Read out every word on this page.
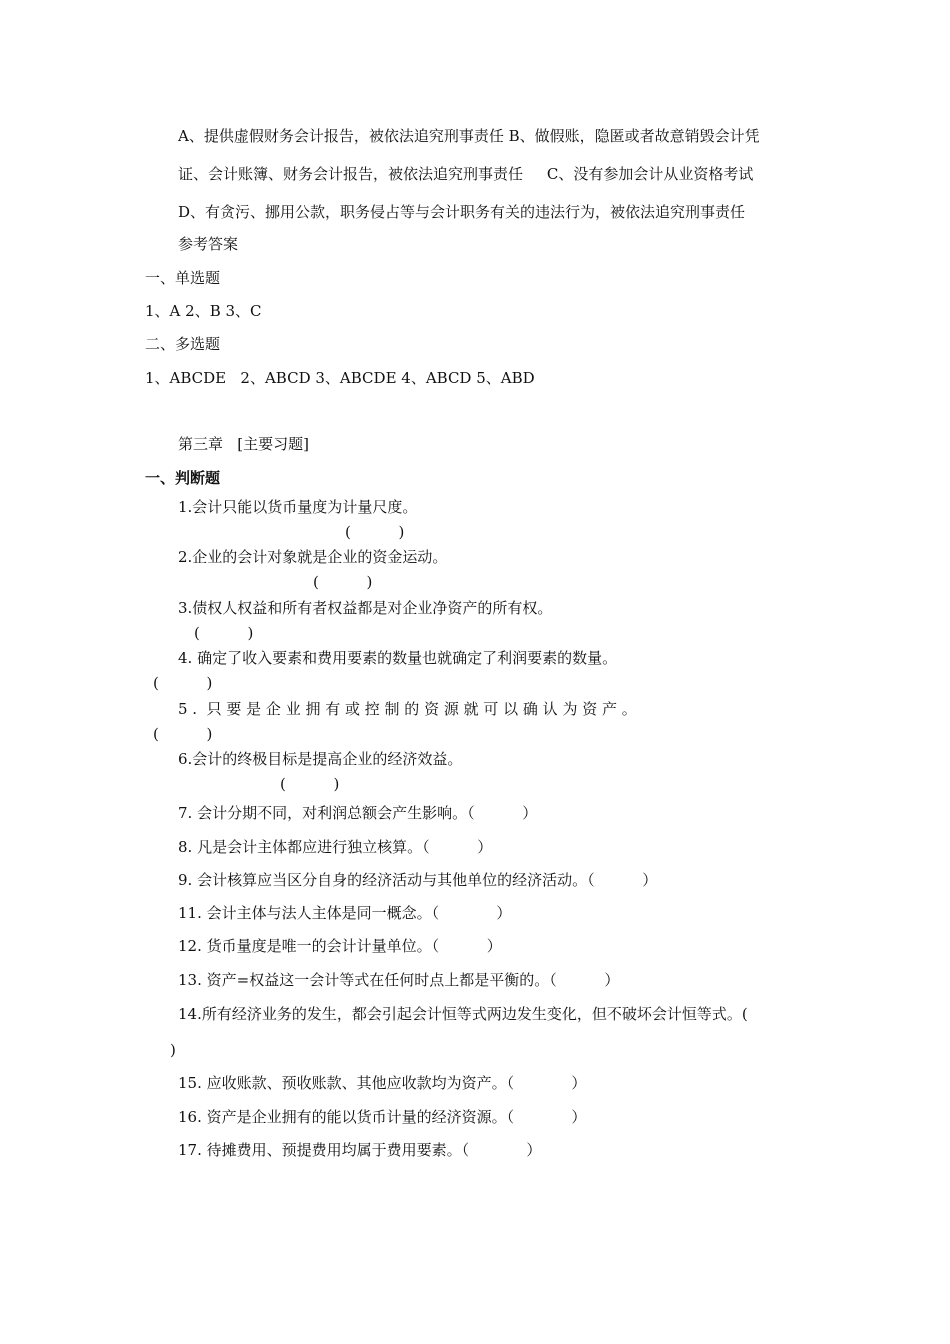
A、提供虚假财务会计报告，被依法追究刑事责任 B、做假账，隐匿或者故意销毁会计凭
证、会计账簿、财务会计报告，被依法追究刑事责任     C、没有参加会计从业资格考试
D、有贪污、挪用公款，职务侵占等与会计职务有关的违法行为，被依法追究刑事责任
参考答案
一、单选题
1、A 2、B 3、C
二、多选题
1、ABCDE   2、ABCD 3、ABCDE 4、ABCD 5、ABD
第三章   [主要习题]
一、判断题
1.会计只能以货币量度为计量尺度。
(          )
2.企业的会计对象就是企业的资金运动。
(          )
3.债权人权益和所有者权益都是对企业净资产的所有权。
(          )
4. 确定了收入要素和费用要素的数量也就确定了利润要素的数量。
(          )
5 .  只 要 是 企 业 拥 有 或 控 制 的 资 源 就 可 以 确 认 为 资 产 。
(          )
6.会计的终极目标是提高企业的经济效益。
(          )
7. 会计分期不同，对利润总额会产生影响。（          ）
8. 凡是会计主体都应进行独立核算。（          ）
9. 会计核算应当区分自身的经济活动与其他单位的经济活动。（          ）
11. 会计主体与法人主体是同一概念。（            ）
12. 货币量度是唯一的会计计量单位。（          ）
13. 资产=权益这一会计等式在任何时点上都是平衡的。（          ）
14.所有经济业务的发生，都会引起会计恒等式两边发生变化，但不破坏会计恒等式。(
)
15. 应收账款、预收账款、其他应收款均为资产。（            ）
16. 资产是企业拥有的能以货币计量的经济资源。（            ）
17. 待摊费用、预提费用均属于费用要素。（            ）
